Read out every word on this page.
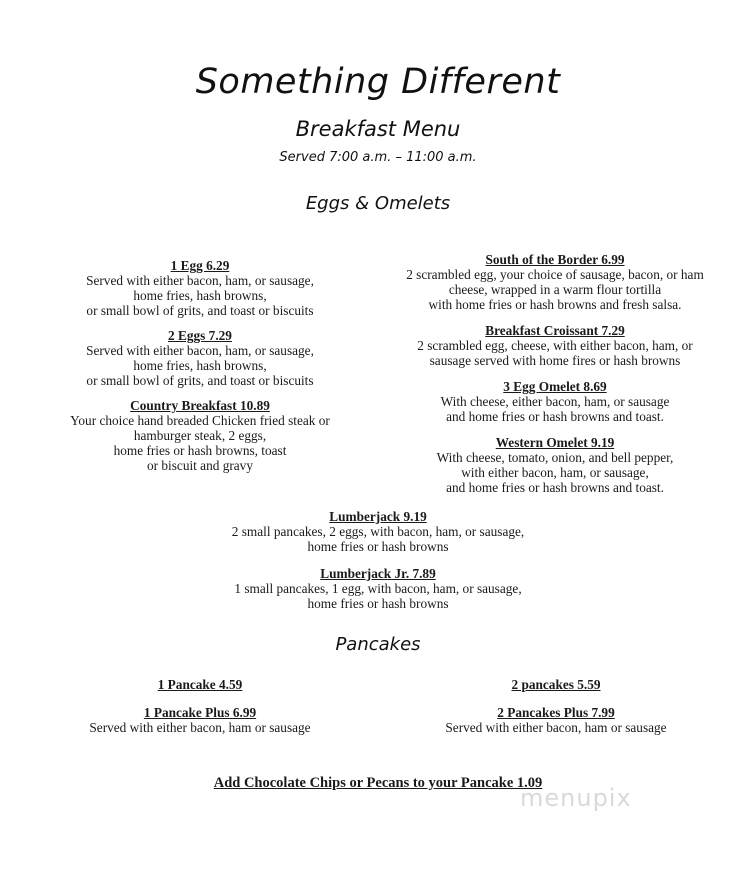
Something Different
Breakfast Menu
Served 7:00 a.m. – 11:00 a.m.
Eggs & Omelets
1 Egg 6.29
Served with either bacon, ham, or sausage,
home fries, hash browns,
or small bowl of grits, and toast or biscuits
2 Eggs 7.29
Served with either bacon, ham, or sausage,
home fries, hash browns,
or small bowl of grits, and toast or biscuits
Country Breakfast 10.89
Your choice hand breaded Chicken fried steak or
hamburger steak, 2 eggs,
home fries or hash browns, toast
or biscuit and gravy
South of the Border 6.99
2 scrambled egg, your choice of sausage, bacon, or ham
cheese, wrapped in a warm flour tortilla
with home fries or hash browns and fresh salsa.
Breakfast Croissant 7.29
2 scrambled egg, cheese, with either bacon, ham, or
sausage served with home fires or hash browns
3 Egg Omelet 8.69
With cheese, either bacon, ham, or sausage
and home fries or hash browns and toast.
Western Omelet 9.19
With cheese, tomato, onion, and bell pepper,
with either bacon, ham, or sausage,
and home fries or hash browns and toast.
Lumberjack 9.19
2 small pancakes, 2 eggs, with bacon, ham, or sausage,
home fries or hash browns
Lumberjack Jr. 7.89
1 small pancakes, 1 egg, with bacon, ham, or sausage,
home fries or hash browns
Pancakes
1 Pancake 4.59	2 pancakes 5.59
1 Pancake Plus 6.99
Served with either bacon, ham or sausage
2 Pancakes Plus 7.99
Served with either bacon, ham or sausage
Add Chocolate Chips or Pecans to your Pancake 1.09
menupix
